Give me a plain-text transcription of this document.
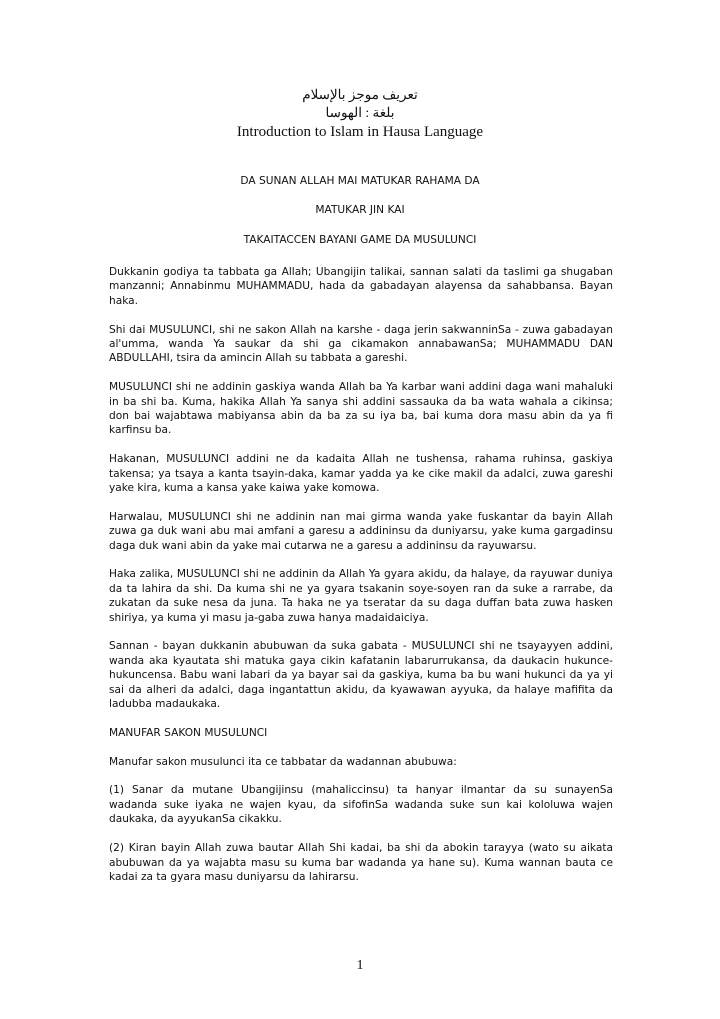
تعريف موجز بالإسلام
بلغة : الهوسا
Introduction to Islam in Hausa Language
DA SUNAN ALLAH MAI MATUKAR RAHAMA DA
MATUKAR JIN KAI
TAKAITACCEN BAYANI GAME DA MUSULUNCI

Dukkanin godiya ta tabbata ga Allah; Ubangijin talikai, sannan salati da taslimi ga shugaban manzanni; Annabinmu MUHAMMADU, hada da gabadayan alayensa da sahabbansa. Bayan haka.

Shi dai MUSULUNCI, shi ne sakon Allah na karshe - daga jerin sakwanninSa - zuwa gabadayan al'umma, wanda Ya saukar da shi ga cikamakon annabawanSa; MUHAMMADU DAN ABDULLAHI, tsira da amincin Allah su tabbata a gareshi.

MUSULUNCI shi ne addinin gaskiya wanda Allah ba Ya karbar wani addini daga wani mahaluki in ba shi ba. Kuma, hakika Allah Ya sanya shi addini sassauka da ba wata wahala a cikinsa; don bai wajabtawa mabiyansa abin da ba za su iya ba, bai kuma dora masu abin da ya fi karfinsu ba.

Hakanan, MUSULUNCI addini ne da kadaita Allah ne tushensa, rahama ruhinsa, gaskiya takensa; ya tsaya a kanta tsayin-daka, kamar yadda ya ke cike makil da adalci, zuwa gareshi yake kira, kuma a kansa yake kaiwa yake komowa.

Harwalau, MUSULUNCI shi ne addinin nan mai girma wanda yake fuskantar da bayin Allah zuwa ga duk wani abu mai amfani a garesu a addininsu da duniyarsu, yake kuma gargadinsu daga duk wani abin da yake mai cutarwa ne a garesu a addininsu da rayuwarsu.

Haka zalika, MUSULUNCI shi ne addinin da Allah Ya gyara akidu, da halaye, da rayuwar duniya da ta lahira da shi. Da kuma shi ne ya gyara tsakanin soye-soyen ran da suke a rarrabe, da zukatan da suke nesa da juna. Ta haka ne ya tseratar da su daga duffan bata zuwa hasken shiriya, ya kuma yi masu ja-gaba zuwa hanya madaidaiciya.

Sannan - bayan dukkanin abubuwan da suka gabata - MUSULUNCI shi ne tsayayyen addini, wanda aka kyautata shi matuka gaya cikin kafatanin labarurrukansa, da daukacin hukunce-hukuncensa. Babu wani labari da ya bayar sai da gaskiya, kuma ba bu wani hukunci da ya yi sai da alheri da adalci, daga ingantattun akidu, da kyawawan ayyuka, da halaye mafifita da ladubba madaukaka.

MANUFAR SAKON MUSULUNCI

Manufar sakon musulunci ita ce tabbatar da wadannan abubuwa:

(1) Sanar da mutane Ubangijinsu (mahaliccinsu) ta hanyar ilmantar da su sunayenSa wadanda suke iyaka ne wajen kyau, da sifofinSa wadanda suke sun kai kololuwa wajen daukaka, da ayyukanSa cikakku.

(2) Kiran bayin Allah zuwa bautar Allah Shi kadai, ba shi da abokin tarayya (wato su aikata abubuwan da ya wajabta masu su kuma bar wadanda ya hane su). Kuma wannan bauta ce kadai za ta gyara masu duniyarsu da lahirarsu.

1
